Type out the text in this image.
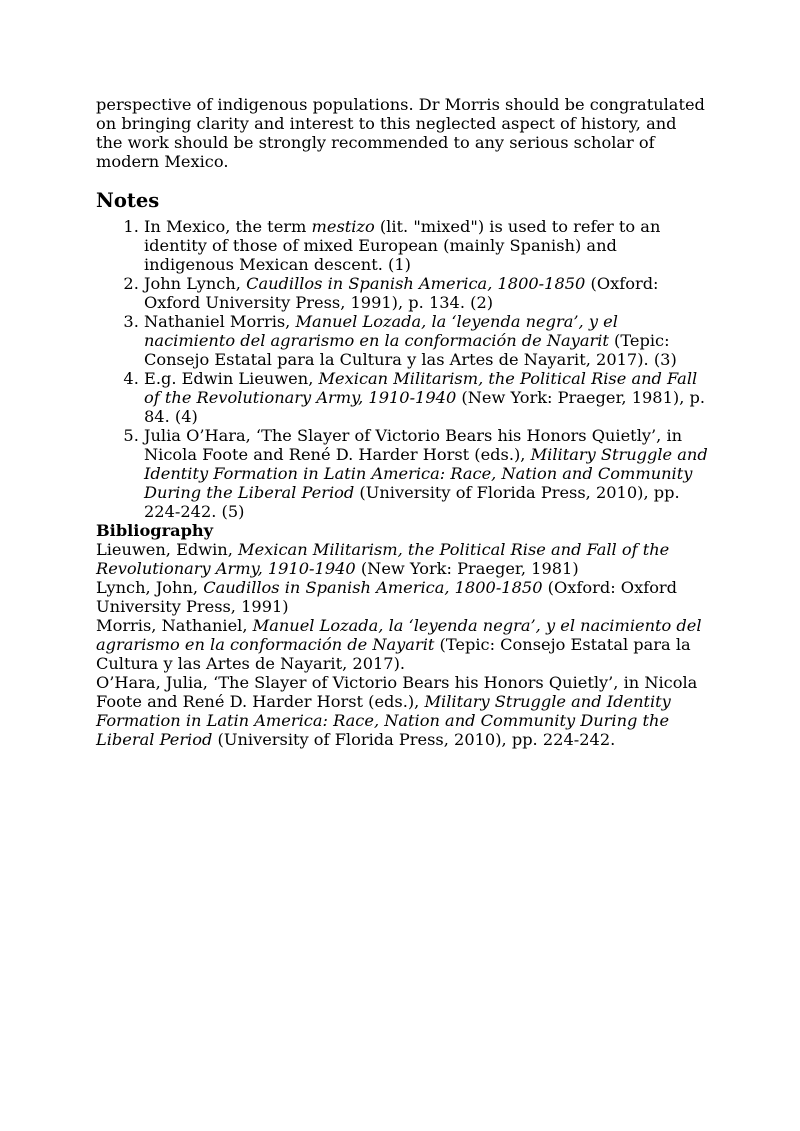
perspective of indigenous populations. Dr Morris should be congratulated on bringing clarity and interest to this neglected aspect of history, and the work should be strongly recommended to any serious scholar of modern Mexico.

Notes
1. In Mexico, the term mestizo (lit. "mixed") is used to refer to an identity of those of mixed European (mainly Spanish) and indigenous Mexican descent. (1)
2. John Lynch, Caudillos in Spanish America, 1800-1850 (Oxford: Oxford University Press, 1991), p. 134. (2)
3. Nathaniel Morris, Manuel Lozada, la ‘leyenda negra’, y el nacimiento del agrarismo en la conformación de Nayarit (Tepic: Consejo Estatal para la Cultura y las Artes de Nayarit, 2017). (3)
4. E.g. Edwin Lieuwen, Mexican Militarism, the Political Rise and Fall of the Revolutionary Army, 1910-1940 (New York: Praeger, 1981), p. 84. (4)
5. Julia O’Hara, ‘The Slayer of Victorio Bears his Honors Quietly’, in Nicola Foote and René D. Harder Horst (eds.), Military Struggle and Identity Formation in Latin America: Race, Nation and Community During the Liberal Period (University of Florida Press, 2010), pp. 224-242. (5)

Bibliography

Lieuwen, Edwin, Mexican Militarism, the Political Rise and Fall of the Revolutionary Army, 1910-1940 (New York: Praeger, 1981)

Lynch, John, Caudillos in Spanish America, 1800-1850 (Oxford: Oxford University Press, 1991)

Morris, Nathaniel, Manuel Lozada, la ‘leyenda negra’, y el nacimiento del agrarismo en la conformación de Nayarit (Tepic: Consejo Estatal para la Cultura y las Artes de Nayarit, 2017).

O’Hara, Julia, ‘The Slayer of Victorio Bears his Honors Quietly’, in Nicola Foote and René D. Harder Horst (eds.), Military Struggle and Identity Formation in Latin America: Race, Nation and Community During the Liberal Period (University of Florida Press, 2010), pp. 224-242.
